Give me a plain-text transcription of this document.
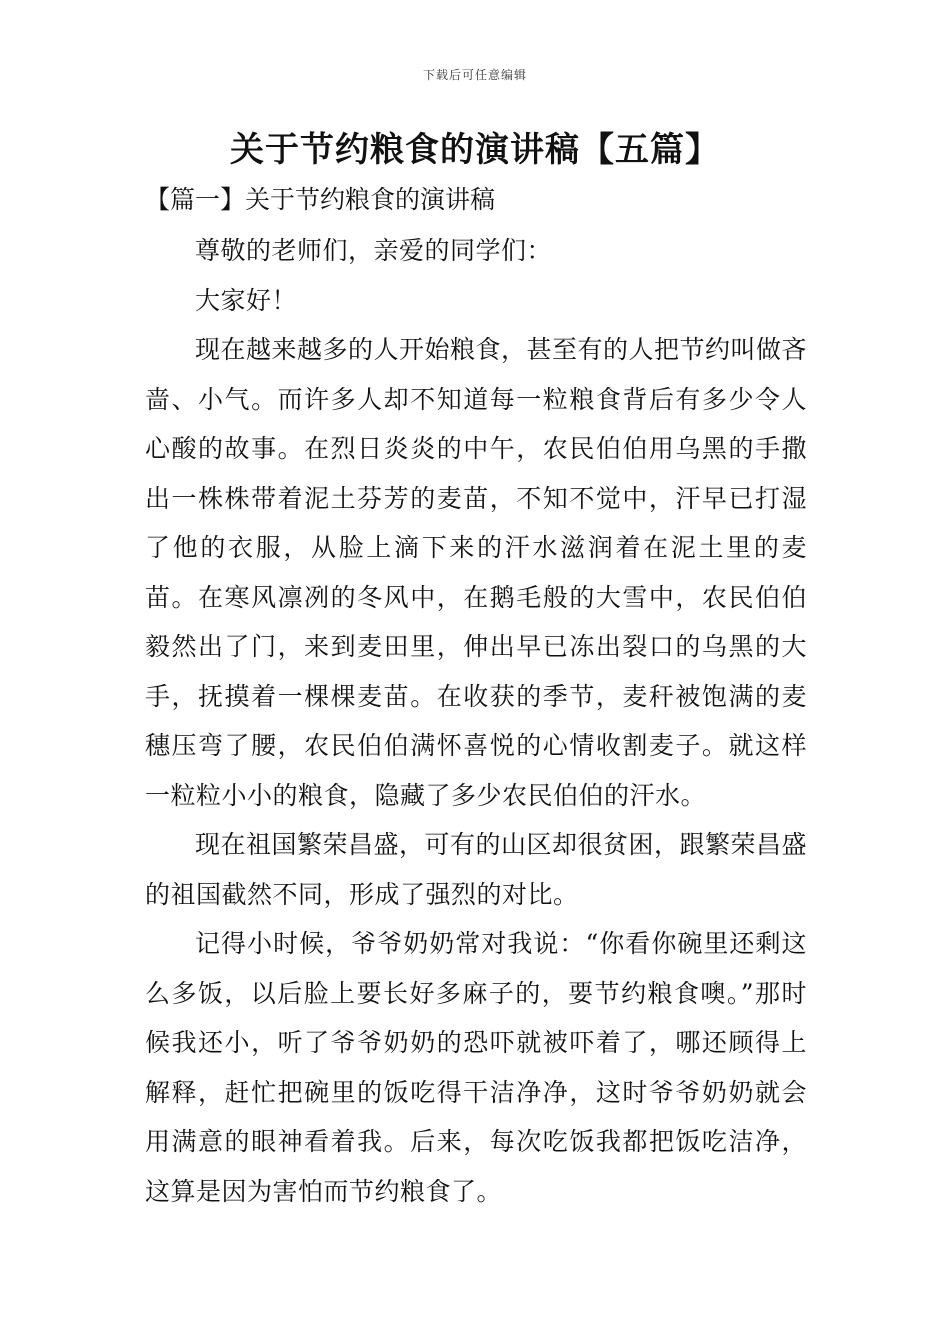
下载后可任意编辑
关于节约粮食的演讲稿【五篇】
【篇一】关于节约粮食的演讲稿

尊敬的老师们，亲爱的同学们：

大家好！

现在越来越多的人开始粮食，甚至有的人把节约叫做吝啬、小气。而许多人却不知道每一粒粮食背后有多少令人心酸的故事。在烈日炎炎的中午，农民伯伯用乌黑的手撒出一株株带着泥土芬芳的麦苗，不知不觉中，汗早已打湿了他的衣服，从脸上滴下来的汗水滋润着在泥土里的麦苗。在寒风凛冽的冬风中，在鹅毛般的大雪中，农民伯伯毅然出了门，来到麦田里，伸出早已冻出裂口的乌黑的大手，抚摸着一棵棵麦苗。在收获的季节，麦秆被饱满的麦穗压弯了腰，农民伯伯满怀喜悦的心情收割麦子。就这样一粒粒小小的粮食，隐藏了多少农民伯伯的汗水。

现在祖国繁荣昌盛，可有的山区却很贫困，跟繁荣昌盛的祖国截然不同，形成了强烈的对比。

记得小时候，爷爷奶奶常对我说：“你看你碗里还剩这么多饭，以后脸上要长好多麻子的，要节约粮食噢。”那时候我还小，听了爷爷奶奶的恐吓就被吓着了，哪还顾得上解释，赶忙把碗里的饭吃得干洁净净，这时爷爷奶奶就会用满意的眼神看着我。后来，每次吃饭我都把饭吃洁净，这算是因为害怕而节约粮食了。
